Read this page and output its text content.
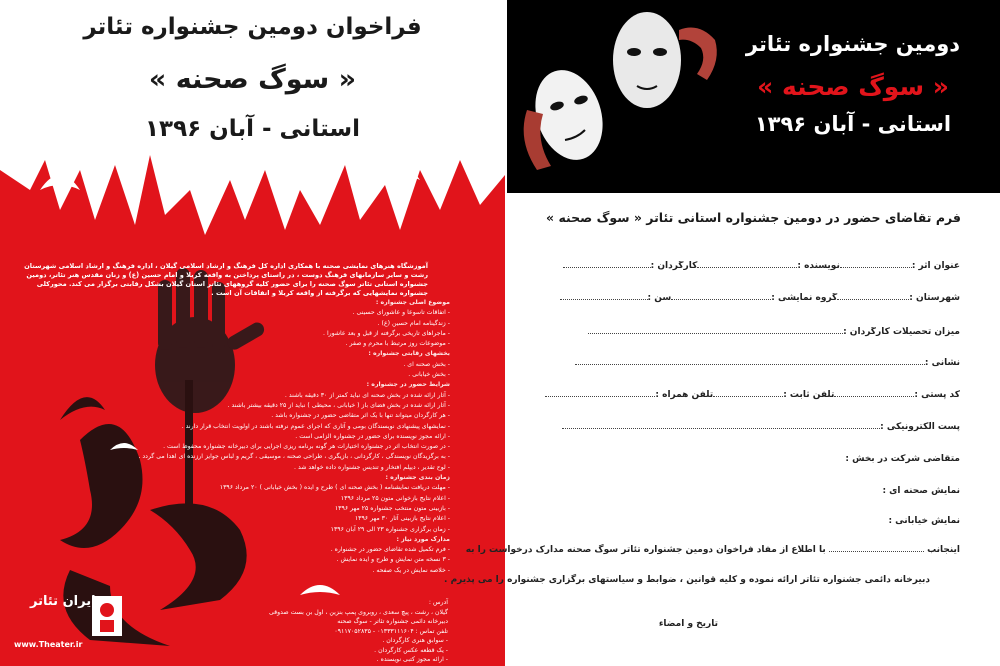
فراخوان دومین جشنواره تئاتر
« سوگ صحنه »
استانی - آبان ۱۳۹۶
آموزشگاه هنرهای نمایشی صحنه با همکاری اداره کل فرهنگ و ارشاد اسلامی گیلان ، اداره فرهنگ و ارشاد اسلامی شهرستان رشت و سایر سازمانهای فرهنگ دوست ، در راستای پرداختن به واقعه کربلا و امام حسین (ع) و زنان مقدس هنر تئاتر، دومین جشنواره استانی تئاتر سوگ صحنه را برای حضور کلیه گروههای تئاتر استان گیلان بشکل رقابتی برگزار می کند. محورکلی جشنواره نمایشهایی که برگرفته از واقعه کربلا و اتفاقات آن است .
موضوع اصلی جشنواره :
- اتفاقات تاسوعا و عاشورای حسینی .
- زندگینامه امام حسین (ع) .
- ماجراهای تاریخی برگرفته از قبل و بعد عاشورا .
- موضوعات روز مرتبط با محرم و صفر .
بخشهای رقابتی جشنواره :
- بخش صحنه ای .
- بخش خیابانی .
شرایط حضور در جشنواره :
- آثار ارائه شده در بخش صحنه ای نباید کمتر از ۳۰ دقیقه باشند .
- آثار ارائه شده در بخش فضای باز ( خیابانی ، محیطی ) نباید از ۲۵ دقیقه بیشتر باشند .
- هر کارگردان میتواند تنها با یک اثر متقاضی حضور در جشنواره باشد .
- نمایشهای پیشنهادی نویسندگان بومی و آثاری که اجرای عموم نرفته باشند در اولویت انتخاب قرار دارند .
- ارائه مجوز نویسنده برای حضور در جشنواره الزامی است .
- در صورت انتخاب اثر در جشنواره اختیارات هر گونه برنامه ریزی اجرایی برای دبیرخانه جشنواره محفوظ است .
- به برگزیدگان نویسندگی ، کارگردانی ، بازیگری ، طراحی صحنه ، موسیقی ، گریم و لباس جوایز ارزنده ای اهدا می گردد .
- لوح تقدیر ، دیپلم افتخار و تندیس جشنواره داده خواهد شد .
زمان بندی جشنواره :
- مهلت دریافت نمایشنامه ( بخش صحنه ای ) طرح و ایده ( بخش خیابانی ) ۲۰ مرداد ۱۳۹۶
- اعلام نتایج بازخوانی متون ۲۵ مرداد ۱۳۹۶
- بازبینی متون منتخب جشنواره ۲۵ مهر ۱۳۹۶
- اعلام نتایج بازبینی آثار ۳۰ مهر ۱۳۹۶
- زمان برگزاری جشنواره ۲۳ الی ۲۹ آبان ۱۳۹۶
مدارک مورد نیاز :
- فرم تکمیل شده تقاضای حضور در جشنواره .
- ۳ نسخه متن نمایش و طرح و ایده نمایش .
- خلاصه نمایش در یک صفحه .
آدرس :
گیلان ، رشت ، پیچ سعدی ، روبروی پمپ بنزین ، اول بن بست صدوقی
دبیرخانه دائمی جشنواره تئاتر - سوگ صحنه
تلفن تماس : ۰۱۳۳۳۱۱۱۶۰۴ - ۰۹۱۱۷۰۵۲۸۳۵
- سوابق هنری کارگردان .
- یک قطعه عکس کارگردان .
- ارائه مجوز کتبی نویسنده .
ایران تئاتر
www.Theater.ir
دومین جشنواره تئاتر
« سوگ صحنه »
استانی - آبان ۱۳۹۶
فرم تقاضای حضور در دومین جشنواره استانی تئاتر « سوگ صحنه »
عنوان اثر :نویسنده :کارگردان :
شهرستان :گروه نمایشی :سن :
میزان تحصیلات کارگردان :
نشانی :
کد پستی :تلفن ثابت :تلفن همراه :
پست الکترونیکی :
متقاضی شرکت در بخش :
نمایش صحنه ای :
نمایش خیابانی :
اینجانب  با اطلاع از مفاد فراخوان دومین جشنواره تئاتر سوگ صحنه مدارک درخواست را به
دبیرخانه دائمی جشنواره تئاتر ارائه نموده و کلیه قوانین ، ضوابط و سیاستهای برگزاری جشنواره را می پذیرم .
تاریخ و امضاء
